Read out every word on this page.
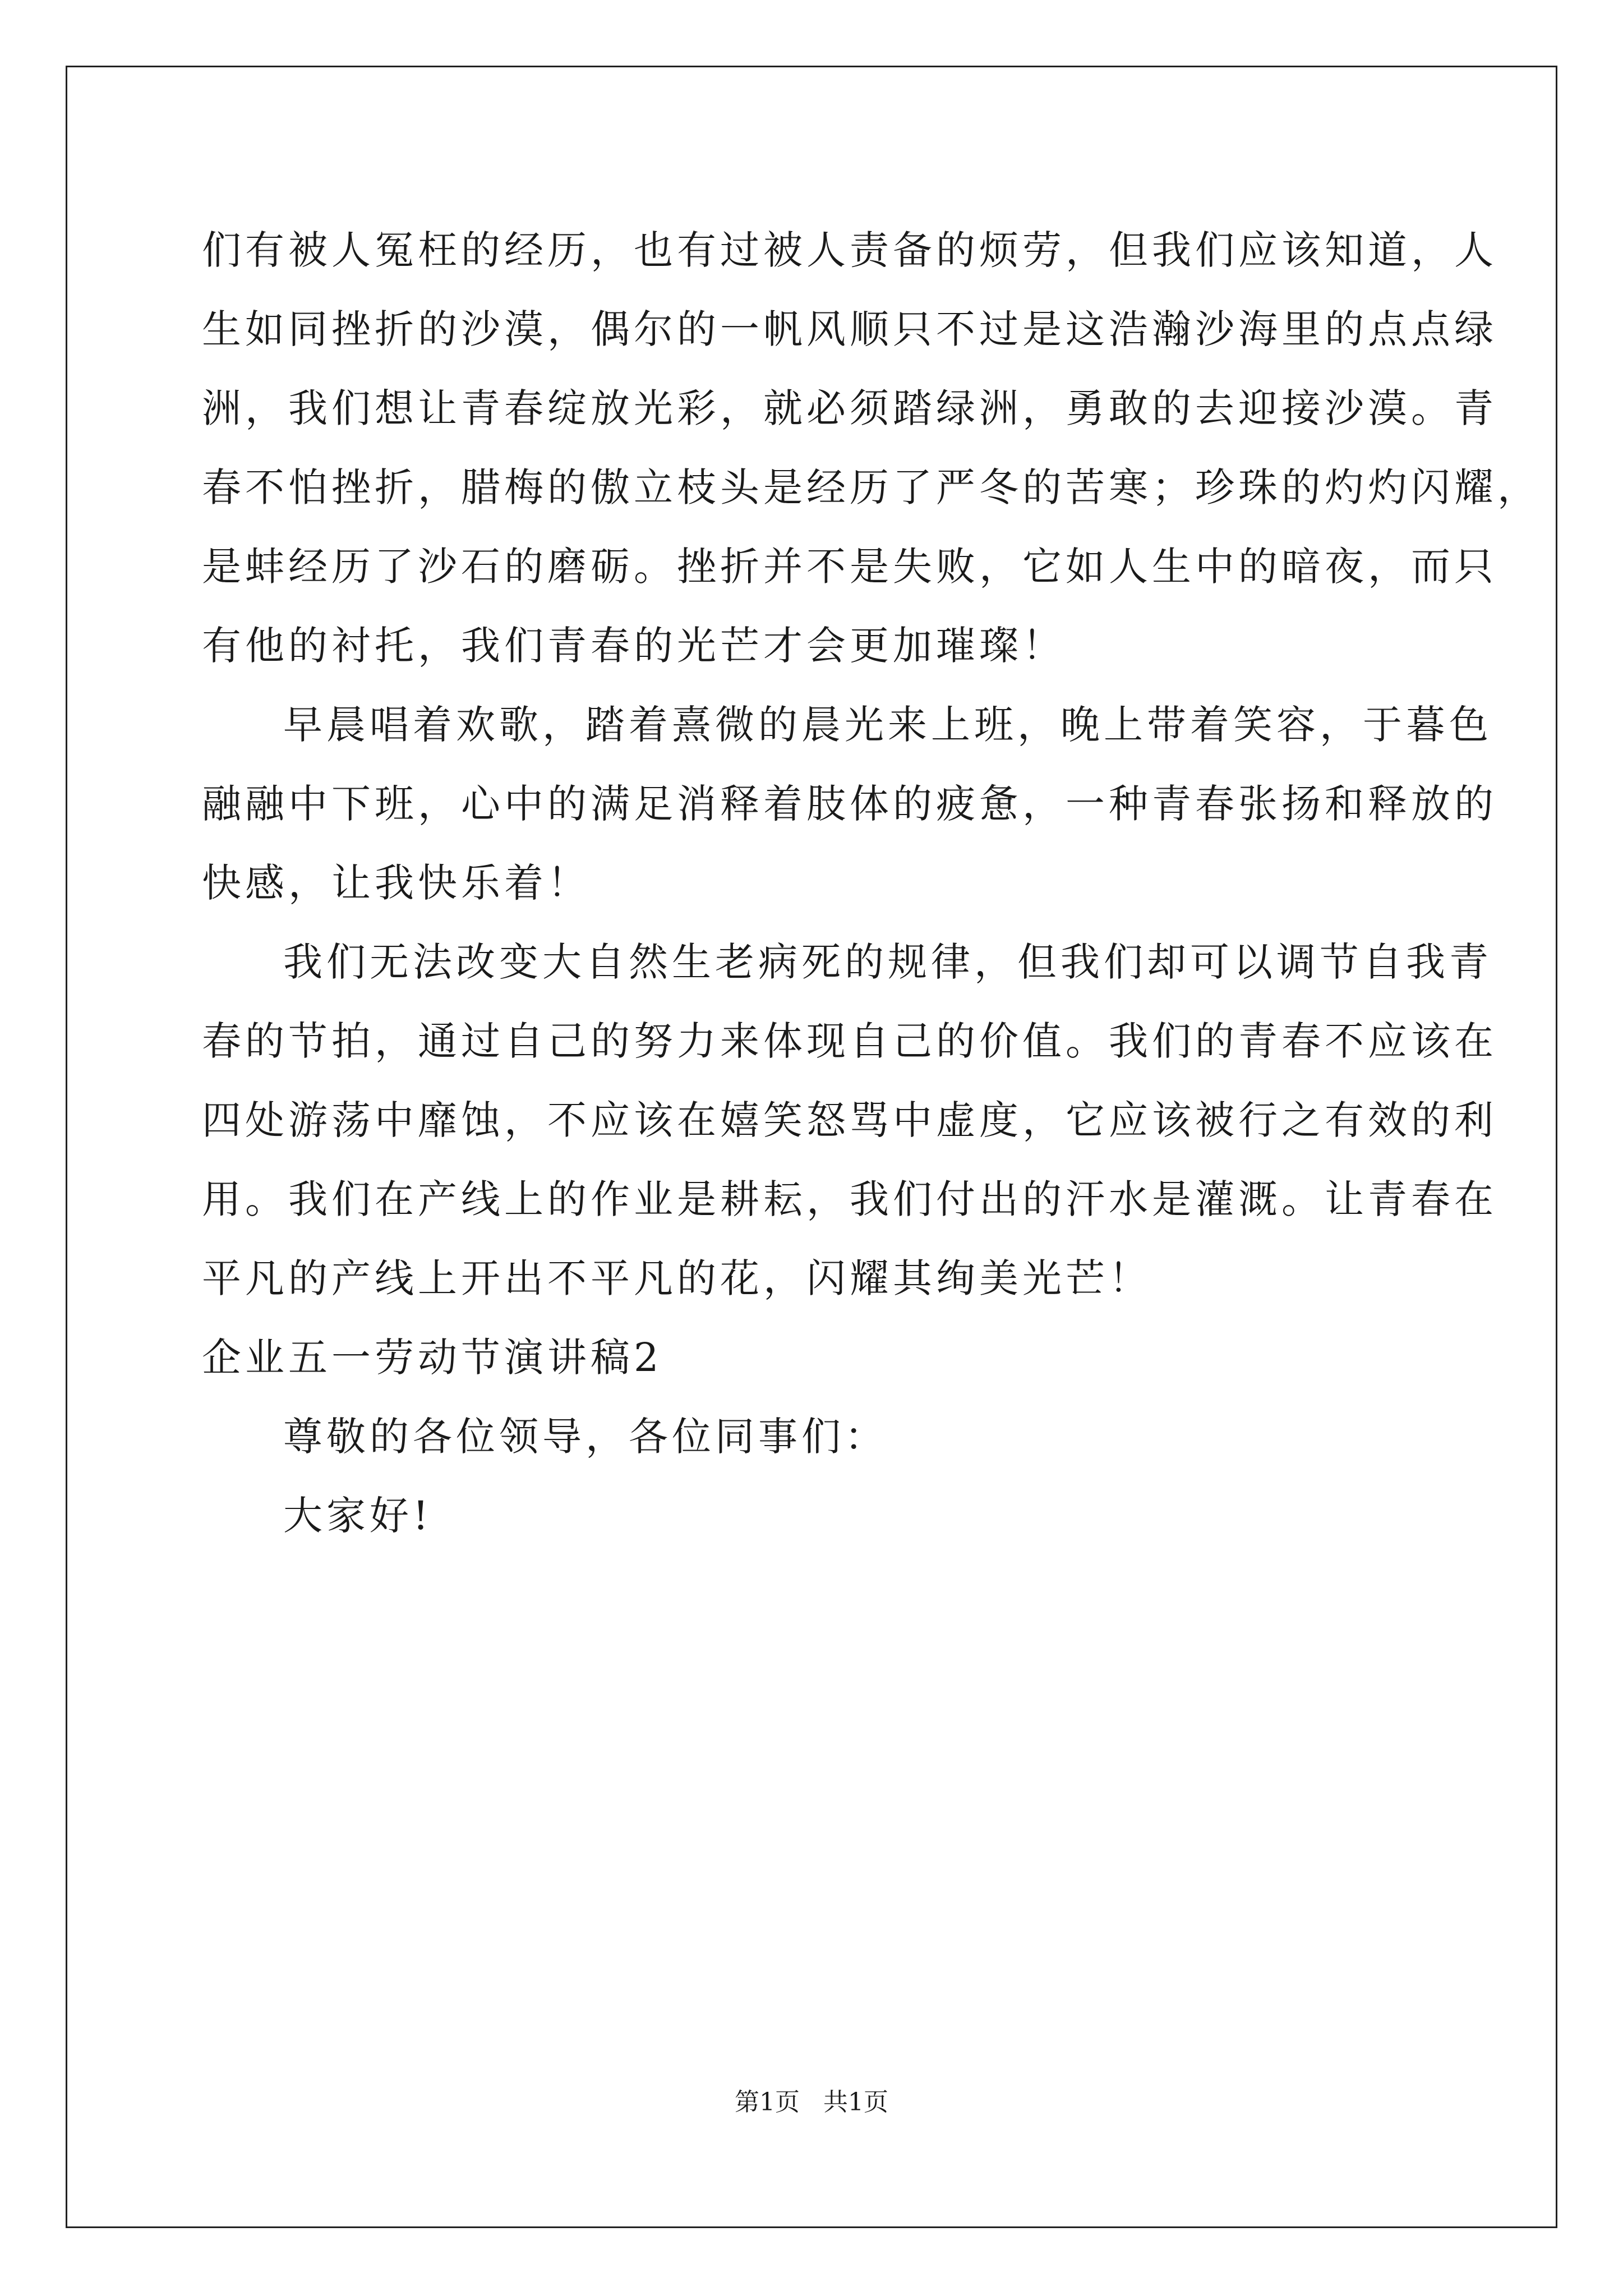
们有被人冤枉的经历，也有过被人责备的烦劳，但我们应该知道，人
生如同挫折的沙漠，偶尔的一帆风顺只不过是这浩瀚沙海里的点点绿
洲，我们想让青春绽放光彩，就必须踏绿洲，勇敢的去迎接沙漠。青
春不怕挫折，腊梅的傲立枝头是经历了严冬的苦寒；珍珠的灼灼闪耀，
是蚌经历了沙石的磨砺。挫折并不是失败，它如人生中的暗夜，而只
有他的衬托，我们青春的光芒才会更加璀璨！
早晨唱着欢歌，踏着熹微的晨光来上班，晚上带着笑容，于暮色
融融中下班，心中的满足消释着肢体的疲惫，一种青春张扬和释放的
快感，让我快乐着！
我们无法改变大自然生老病死的规律，但我们却可以调节自我青
春的节拍，通过自己的努力来体现自己的价值。我们的青春不应该在
四处游荡中靡蚀，不应该在嬉笑怒骂中虚度，它应该被行之有效的利
用。我们在产线上的作业是耕耘，我们付出的汗水是灌溉。让青春在
平凡的产线上开出不平凡的花，闪耀其绚美光芒！
企业五一劳动节演讲稿2
尊敬的各位领导，各位同事们：
大家好!
第1页   共1页
